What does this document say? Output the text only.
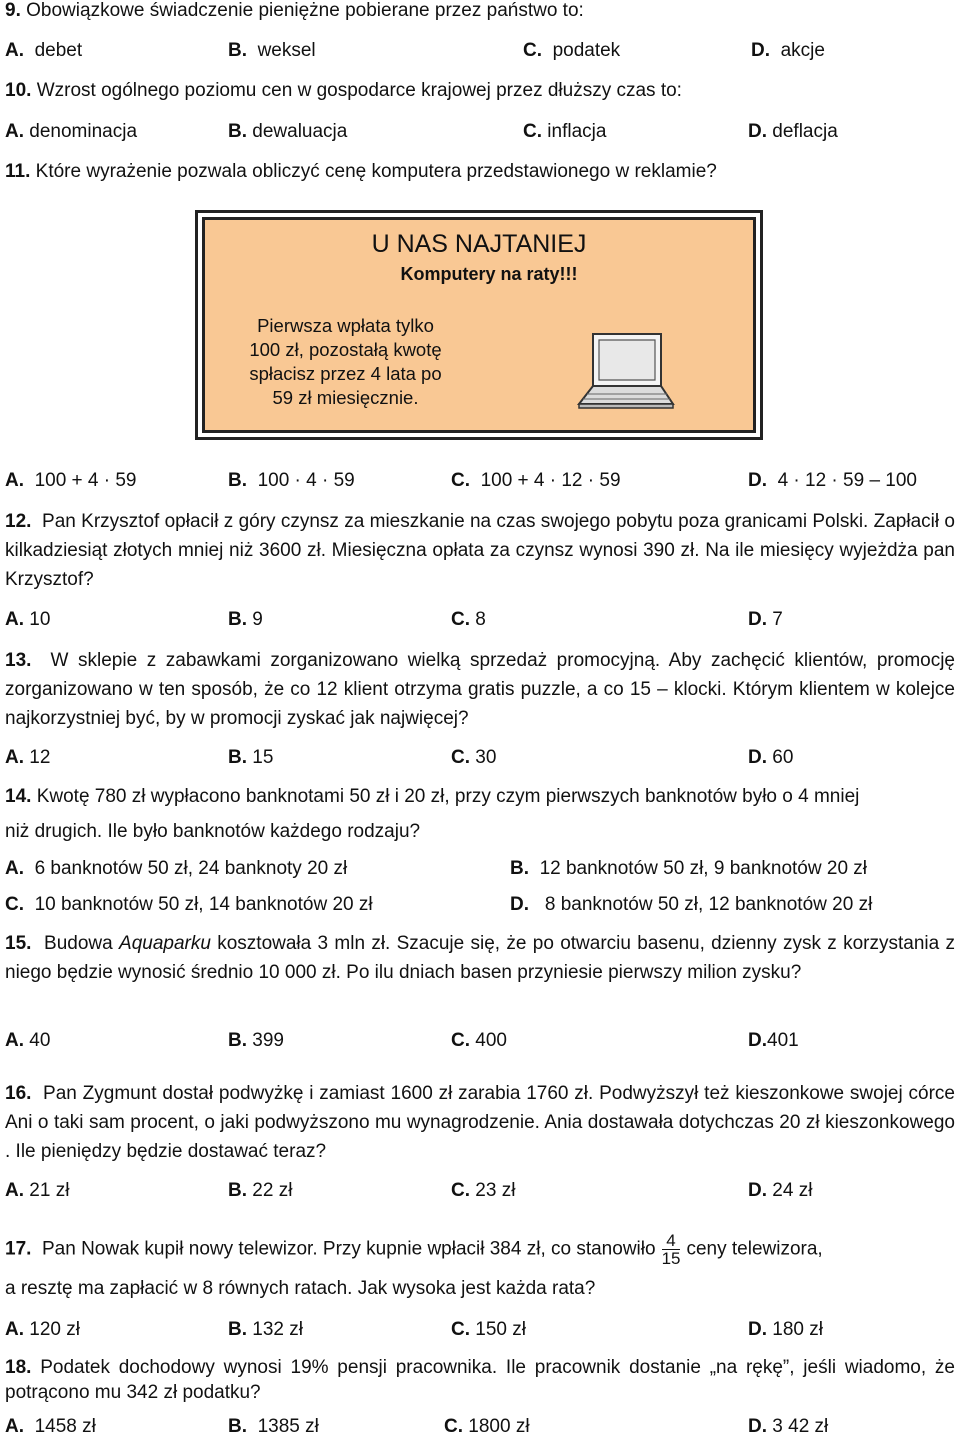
9. Obowiązkowe świadczenie pieniężne pobierane przez państwo to:
A. debet	B. weksel	C. podatek	D. akcje
10. Wzrost ogólnego poziomu cen w gospodarce krajowej przez dłuższy czas to:
A. denominacja	B. dewaluacja	C. inflacja	D. deflacja
11. Które wyrażenie pozwala obliczyć cenę komputera przedstawionego w reklamie?
U NAS NAJTANIEJ
Komputery na raty!!!
Pierwsza wpłata tylko
100 zł, pozostałą kwotę
spłacisz przez 4 lata po
59 zł miesięcznie.
A. 100 + 4 · 59	B. 100 · 4 · 59	C. 100 + 4 · 12 · 59	D. 4 · 12 · 59 – 100
12. Pan Krzysztof opłacił z góry czynsz za mieszkanie na czas swojego pobytu poza granicami Polski. Zapłacił o kilkadziesiąt złotych mniej niż 3600 zł. Miesięczna opłata za czynsz wynosi 390 zł. Na ile miesięcy wyjeżdża pan Krzysztof?
A. 10	B. 9	C. 8	D. 7
13. W sklepie z zabawkami zorganizowano wielką sprzedaż promocyjną. Aby zachęcić klientów, promocję zorganizowano w ten sposób, że co 12 klient otrzyma gratis puzzle, a co 15 – klocki. Którym klientem w kolejce najkorzystniej być, by w promocji zyskać jak najwięcej?
A. 12	B. 15	C. 30	D. 60
14. Kwotę 780 zł wypłacono banknotami 50 zł i 20 zł, przy czym pierwszych banknotów było o 4 mniej
niż drugich. Ile było banknotów każdego rodzaju?
A. 6 banknotów 50 zł, 24 banknoty 20 zł	B. 12 banknotów 50 zł, 9 banknotów 20 zł
C. 10 banknotów 50 zł, 14 banknotów 20 zł	D. 8 banknotów 50 zł, 12 banknotów 20 zł
15. Budowa Aquaparku kosztowała 3 mln zł. Szacuje się, że po otwarciu basenu, dzienny zysk z korzystania z niego będzie wynosić średnio 10 000 zł. Po ilu dniach basen przyniesie pierwszy milion zysku?
A. 40	B. 399	C. 400	D.401
16. Pan Zygmunt dostał podwyżkę i zamiast 1600 zł zarabia 1760 zł. Podwyższył też kieszonkowe swojej córce Ani o taki sam procent, o jaki podwyższono mu wynagrodzenie. Ania dostawała dotychczas 20 zł kieszonkowego . Ile pieniędzy będzie dostawać teraz?
A. 21 zł	B. 22 zł	C. 23 zł	D. 24 zł
17. Pan Nowak kupił nowy telewizor. Przy kupnie wpłacił 384 zł, co stanowiło $\frac{4}{15}$ ceny telewizora,
a resztę ma zapłacić w 8 równych ratach. Jak wysoka jest każda rata?
A. 120 zł	B. 132 zł	C. 150 zł	D. 180 zł
18. Podatek dochodowy wynosi 19% pensji pracownika. Ile pracownik dostanie „na rękę”, jeśli wiadomo, że potrącono mu 342 zł podatku?
A. 1458 zł	B. 1385 zł	C. 1800 zł	D. 3 42 zł
